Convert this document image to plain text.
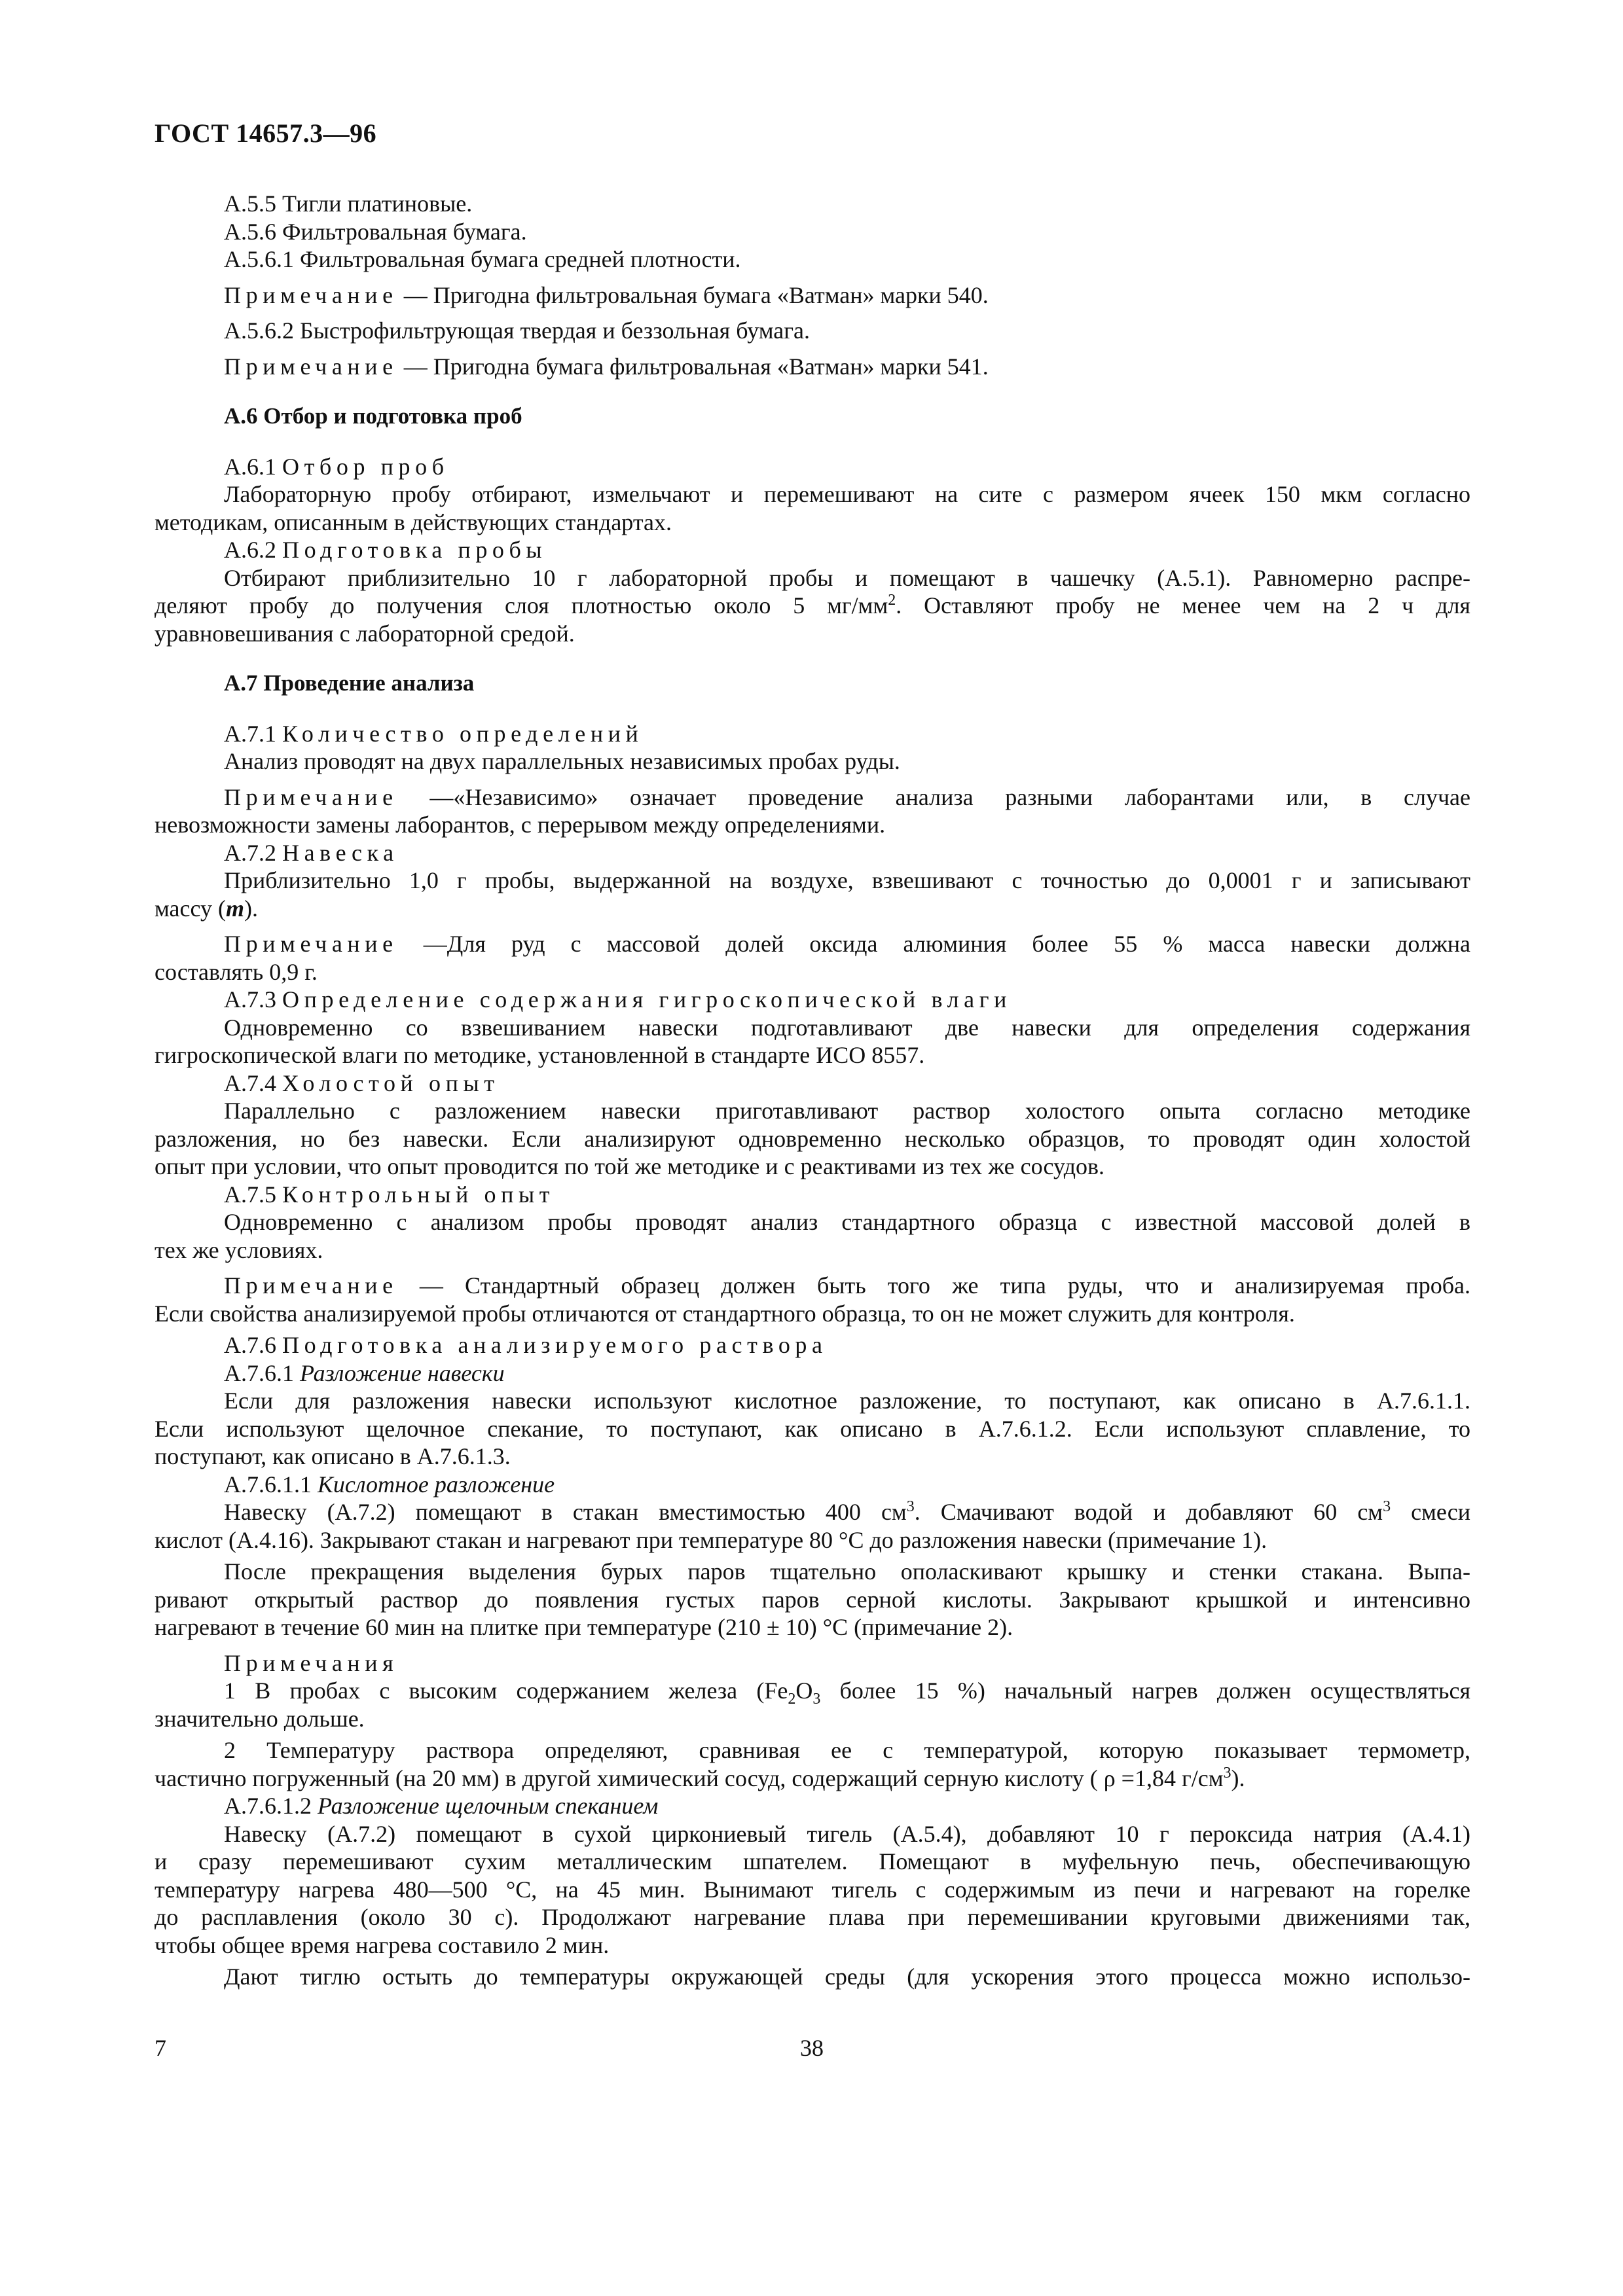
ГОСТ 14657.3—96
А.5.5 Тигли платиновые.
А.5.6 Фильтровальная бумага.
А.5.6.1 Фильтровальная бумага средней плотности.
Примечание — Пригодна фильтровальная бумага «Ватман» марки 540.
А.5.6.2 Быстрофильтрующая твердая и беззольная бумага.
Примечание — Пригодна бумага фильтровальная «Ватман» марки 541.
А.6 Отбор и подготовка проб
А.6.1 Отбор проб
Лабораторную пробу отбирают, измельчают и перемешивают на сите с размером ячеек 150 мкм согласно
методикам, описанным в действующих стандартах.
А.6.2 Подготовка пробы
Отбирают приблизительно 10 г лабораторной пробы и помещают в чашечку (А.5.1). Равномерно распре-
деляют пробу до получения слоя плотностью около 5 $мг/мм^2$. Оставляют пробу не менее чем на 2 ч для
уравновешивания с лабораторной средой.
А.7 Проведение анализа
А.7.1 Количество определений
Анализ проводят на двух параллельных независимых пробах руды.
Примечание —«Независимо» означает проведение анализа разными лаборантами или, в случае
невозможности замены лаборантов, с перерывом между определениями.
А.7.2 Навеска
Приблизительно 1,0 г пробы, выдержанной на воздухе, взвешивают с точностью до 0,0001 г и записывают
массу (т).
Примечание —Для руд с массовой долей оксида алюминия более 55 % масса навески должна
составлять 0,9 г.
А.7.3 Определение содержания гигроскопической влаги
Одновременно со взвешиванием навески подготавливают две навески для определения содержания
гигроскопической влаги по методике, установленной в стандарте ИСО 8557.
А.7.4 Холостой опыт
Параллельно с разложением навески приготавливают раствор холостого опыта согласно методике
разложения, но без навески. Если анализируют одновременно несколько образцов, то проводят один холостой
опыт при условии, что опыт проводится по той же методике и с реактивами из тех же сосудов.
А.7.5 Контрольный опыт
Одновременно с анализом пробы проводят анализ стандартного образца с известной массовой долей в
тех же условиях.
Примечание — Стандартный образец должен быть того же типа руды, что и анализируемая проба.
Если свойства анализируемой пробы отличаются от стандартного образца, то он не может служить для контроля.
А.7.6 Подготовка анализируемого раствора
А.7.6.1 Разложение навески
Если для разложения навески используют кислотное разложение, то поступают, как описано в А.7.6.1.1.
Если используют щелочное спекание, то поступают, как описано в А.7.6.1.2. Если используют сплавление, то
поступают, как описано в А.7.6.1.3.
А.7.6.1.1 Кислотное разложение
Навеску (А.7.2) помещают в стакан вместимостью 400 $см^3$. Смачивают водой и добавляют 60 $см^3$ смеси
кислот (А.4.16). Закрывают стакан и нагревают при температуре 80 °С до разложения навески (примечание 1).
После прекращения выделения бурых паров тщательно ополаскивают крышку и стенки стакана. Выпа-
ривают открытый раствор до появления густых паров серной кислоты. Закрывают крышкой и интенсивно
нагревают в течение 60 мин на плитке при температуре (210 ± 10) °С (примечание 2).
Примечания
1 В пробах с высоким содержанием железа ($Fe_2O_3$ более 15 %) начальный нагрев должен осуществляться
значительно дольше.
2 Температуру раствора определяют, сравнивая ее с температурой, которую показывает термометр,
частично погруженный (на 20 мм) в другой химический сосуд, содержащий серную кислоту ( ρ =1,84 $г/см^3$).
А.7.6.1.2 Разложение щелочным спеканием
Навеску (А.7.2) помещают в сухой циркониевый тигель (А.5.4), добавляют 10 г пероксида натрия (А.4.1)
и сразу перемешивают сухим металлическим шпателем. Помещают в муфельную печь, обеспечивающую
температуру нагрева 480—500 °С, на 45 мин. Вынимают тигель с содержимым из печи и нагревают на горелке
до расплавления (около 30 с). Продолжают нагревание плава при перемешивании круговыми движениями так,
чтобы общее время нагрева составило 2 мин.
Дают тиглю остыть до температуры окружающей среды (для ускорения этого процесса можно использо-
7	38
